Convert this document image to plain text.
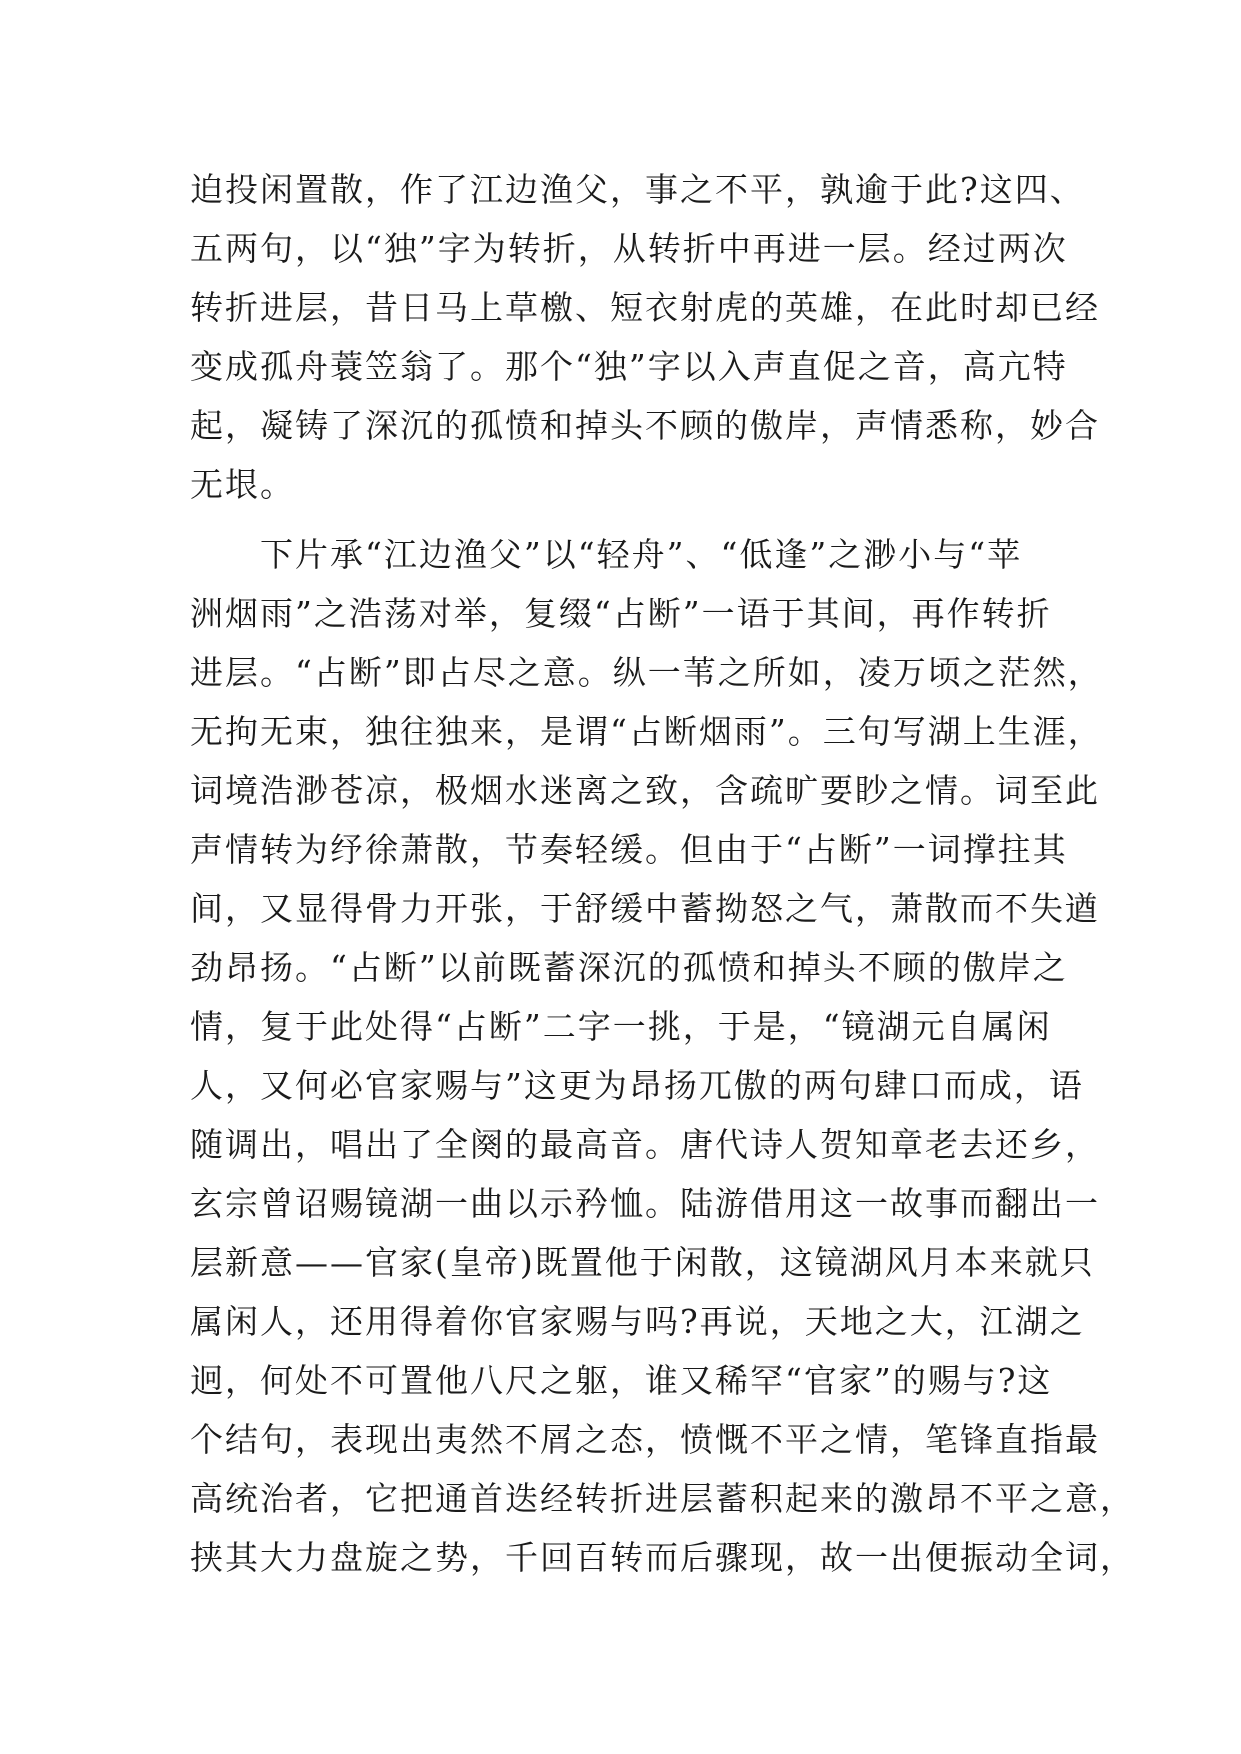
迫投闲置散，作了江边渔父，事之不平，孰逾于此?这四、
五两句，以“独”字为转折，从转折中再进一层。经过两次
转折进层，昔日马上草檄、短衣射虎的英雄，在此时却已经
变成孤舟蓑笠翁了。那个“独”字以入声直促之音，高亢特
起，凝铸了深沉的孤愤和掉头不顾的傲岸，声情悉称，妙合
无垠。
　　下片承“江边渔父”以“轻舟”、“低逢”之渺小与“苹
洲烟雨”之浩荡对举，复缀“占断”一语于其间，再作转折
进层。“占断”即占尽之意。纵一苇之所如，凌万顷之茫然，
无拘无束，独往独来，是谓“占断烟雨”。三句写湖上生涯，
词境浩渺苍凉，极烟水迷离之致，含疏旷要眇之情。词至此
声情转为纾徐萧散，节奏轻缓。但由于“占断”一词撑拄其
间，又显得骨力开张，于舒缓中蓄拗怒之气，萧散而不失遒
劲昂扬。“占断”以前既蓄深沉的孤愤和掉头不顾的傲岸之
情，复于此处得“占断”二字一挑，于是，“镜湖元自属闲
人，又何必官家赐与”这更为昂扬兀傲的两句肆口而成，语
随调出，唱出了全阕的最高音。唐代诗人贺知章老去还乡，
玄宗曾诏赐镜湖一曲以示矜恤。陆游借用这一故事而翻出一
层新意——官家(皇帝)既置他于闲散，这镜湖风月本来就只
属闲人，还用得着你官家赐与吗?再说，天地之大，江湖之
迥，何处不可置他八尺之躯，谁又稀罕“官家”的赐与?这
个结句，表现出夷然不屑之态，愤慨不平之情，笔锋直指最
高统治者，它把通首迭经转折进层蓄积起来的激昂不平之意，
挟其大力盘旋之势，千回百转而后骤现，故一出便振动全词，
